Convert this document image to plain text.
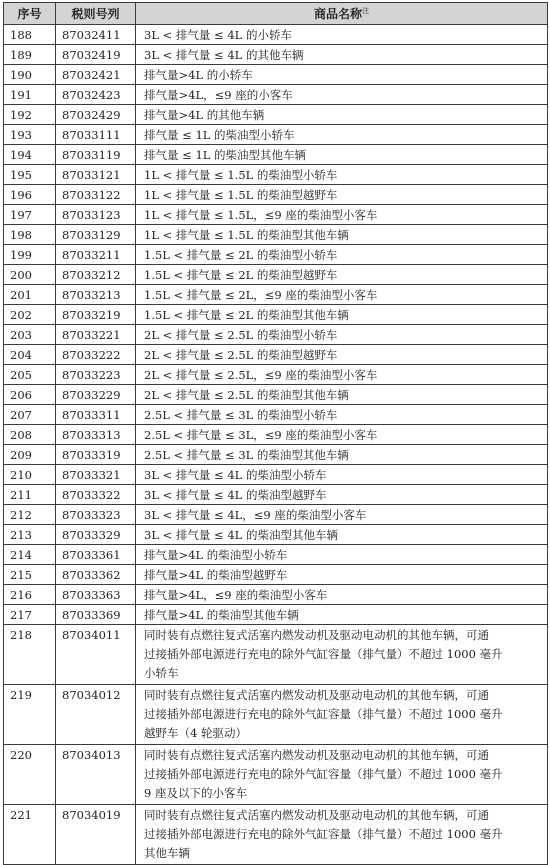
序号	税则号列	商品名称$^注$
188	87032411	3L < 排气量 ≤ 4L 的小轿车
189	87032419	3L < 排气量 ≤ 4L 的其他车辆
190	87032421	排气量>4L 的小轿车
191	87032423	排气量>4L，≤9 座的小客车
192	87032429	排气量>4L 的其他车辆
193	87033111	排气量 ≤ 1L 的柴油型小轿车
194	87033119	排气量 ≤ 1L 的柴油型其他车辆
195	87033121	1L < 排气量 ≤ 1.5L 的柴油型小轿车
196	87033122	1L < 排气量 ≤ 1.5L 的柴油型越野车
197	87033123	1L < 排气量 ≤ 1.5L，≤9 座的柴油型小客车
198	87033129	1L < 排气量 ≤ 1.5L 的柴油型其他车辆
199	87033211	1.5L < 排气量 ≤ 2L 的柴油型小轿车
200	87033212	1.5L < 排气量 ≤ 2L 的柴油型越野车
201	87033213	1.5L < 排气量 ≤ 2L，≤9 座的柴油型小客车
202	87033219	1.5L < 排气量 ≤ 2L 的柴油型其他车辆
203	87033221	2L < 排气量 ≤ 2.5L 的柴油型小轿车
204	87033222	2L < 排气量 ≤ 2.5L 的柴油型越野车
205	87033223	2L < 排气量 ≤ 2.5L，≤9 座的柴油型小客车
206	87033229	2L < 排气量 ≤ 2.5L 的柴油型其他车辆
207	87033311	2.5L < 排气量 ≤ 3L 的柴油型小轿车
208	87033313	2.5L < 排气量 ≤ 3L，≤9 座的柴油型小客车
209	87033319	2.5L < 排气量 ≤ 3L 的柴油型其他车辆
210	87033321	3L < 排气量 ≤ 4L 的柴油型小轿车
211	87033322	3L < 排气量 ≤ 4L 的柴油型越野车
212	87033323	3L < 排气量 ≤ 4L，≤9 座的柴油型小客车
213	87033329	3L < 排气量 ≤ 4L 的柴油型其他车辆
214	87033361	排气量>4L 的柴油型小轿车
215	87033362	排气量>4L 的柴油型越野车
216	87033363	排气量>4L，≤9 座的柴油型小客车
217	87033369	排气量>4L 的柴油型其他车辆
218	87034011	同时装有点燃往复式活塞内燃发动机及驱动电动机的其他车辆，可通
过接插外部电源进行充电的除外气缸容量（排气量）不超过 1000 毫升
小轿车

219	87034012	同时装有点燃往复式活塞内燃发动机及驱动电动机的其他车辆，可通
过接插外部电源进行充电的除外气缸容量（排气量）不超过 1000 毫升
越野车（4 轮驱动）

220	87034013	同时装有点燃往复式活塞内燃发动机及驱动电动机的其他车辆，可通
过接插外部电源进行充电的除外气缸容量（排气量）不超过 1000 毫升
9 座及以下的小客车

221	87034019	同时装有点燃往复式活塞内燃发动机及驱动电动机的其他车辆，可通
过接插外部电源进行充电的除外气缸容量（排气量）不超过 1000 毫升
其他车辆
